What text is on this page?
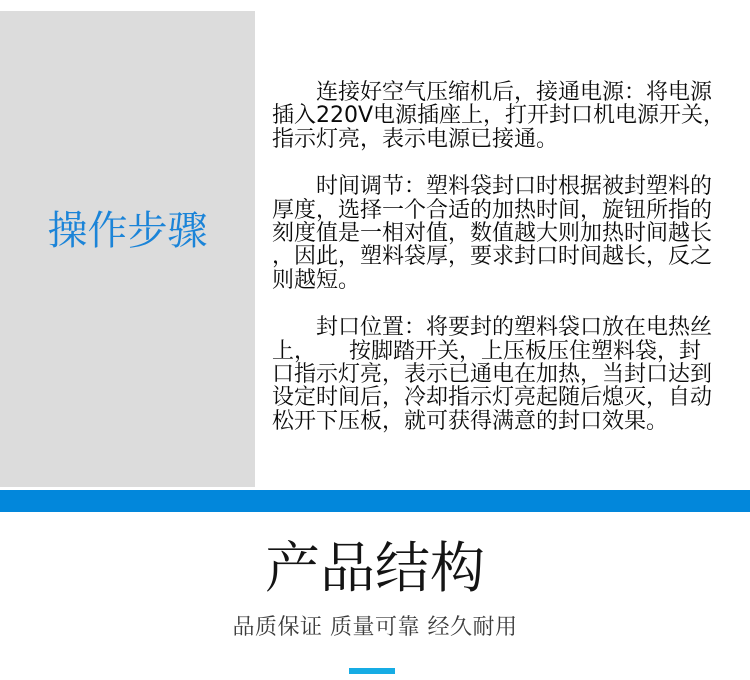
操作步骤

　　连接好空气压缩机后，接通电源：将电源
插入220V电源插座上，打开封口机电源开关，
指示灯亮，表示电源已接通。

　　时间调节：塑料袋封口时根据被封塑料的
厚度，选择一个合适的加热时间，旋钮所指的
刻度值是一相对值，数值越大则加热时间越长
，因此，塑料袋厚，要求封口时间越长，反之
则越短。

　　封口位置：将要封的塑料袋口放在电热丝
上，　　按脚踏开关，上压板压住塑料袋，封
口指示灯亮，表示已通电在加热，当封口达到
设定时间后，冷却指示灯亮起随后熄灭，自动
松开下压板，就可获得满意的封口效果。

产品结构
品质保证 质量可靠 经久耐用
